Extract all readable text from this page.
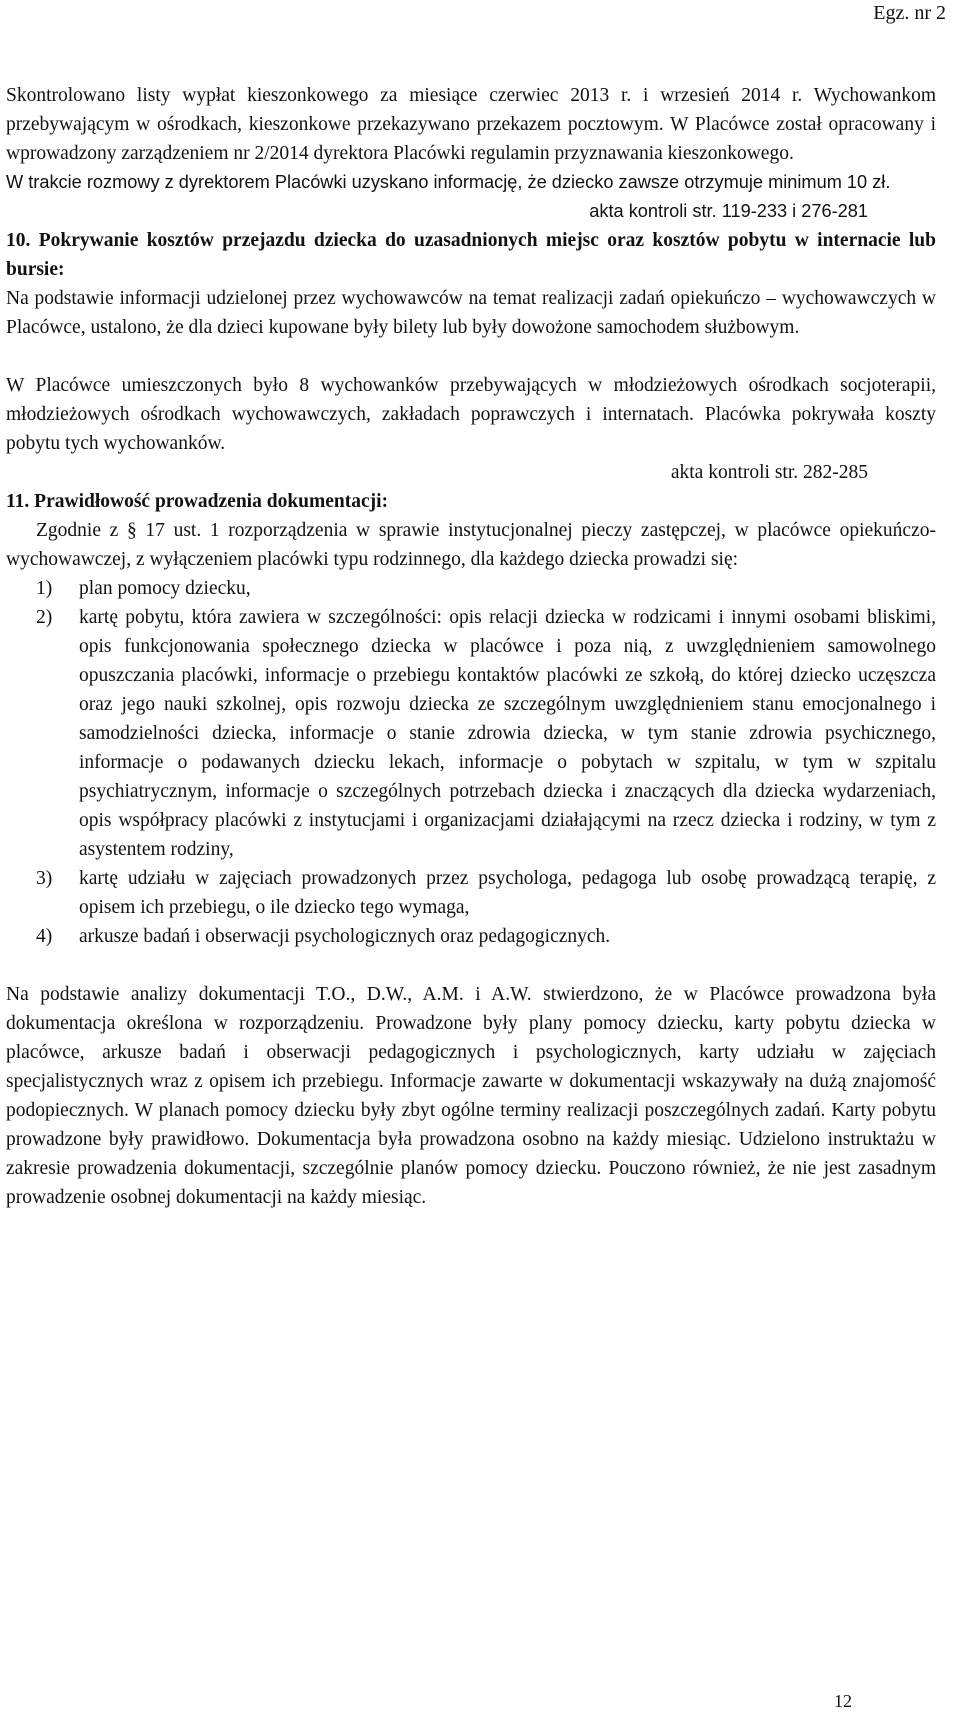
Egz. nr 2

Skontrolowano listy wypłat kieszonkowego za miesiące czerwiec 2013 r. i wrzesień 2014 r. Wychowankom przebywającym w ośrodkach, kieszonkowe przekazywano przekazem pocztowym. W Placówce został opracowany i wprowadzony zarządzeniem nr 2/2014 dyrektora Placówki regulamin przyznawania kieszonkowego.

W trakcie rozmowy z dyrektorem Placówki uzyskano informację, że dziecko zawsze otrzymuje minimum 10 zł.

akta kontroli str. 119-233 i 276-281

10. Pokrywanie kosztów przejazdu dziecka do uzasadnionych miejsc oraz kosztów pobytu w internacie lub bursie:

Na podstawie informacji udzielonej przez wychowawców na temat realizacji zadań opiekuńczo – wychowawczych w Placówce, ustalono, że dla dzieci kupowane były bilety lub były dowożone samochodem służbowym.

W Placówce umieszczonych było 8 wychowanków przebywających w młodzieżowych ośrodkach socjoterapii, młodzieżowych ośrodkach wychowawczych, zakładach poprawczych i internatach. Placówka pokrywała koszty pobytu tych wychowanków.

akta kontroli str. 282-285

11. Prawidłowość prowadzenia dokumentacji:

Zgodnie z § 17 ust. 1 rozporządzenia w sprawie instytucjonalnej pieczy zastępczej, w placówce opiekuńczo-wychowawczej, z wyłączeniem placówki typu rodzinnego, dla każdego dziecka prowadzi się:

1) plan pomocy dziecku,
2) kartę pobytu, która zawiera w szczególności: opis relacji dziecka w rodzicami i innymi osobami bliskimi, opis funkcjonowania społecznego dziecka w placówce i poza nią, z uwzględnieniem samowolnego opuszczania placówki, informacje o przebiegu kontaktów placówki ze szkołą, do której dziecko uczęszcza oraz jego nauki szkolnej, opis rozwoju dziecka ze szczególnym uwzględnieniem stanu emocjonalnego i samodzielności dziecka, informacje o stanie zdrowia dziecka, w tym stanie zdrowia psychicznego, informacje o podawanych dziecku lekach, informacje o pobytach w szpitalu, w tym w szpitalu psychiatrycznym, informacje o szczególnych potrzebach dziecka i znaczących dla dziecka wydarzeniach, opis współpracy placówki z instytucjami i organizacjami działającymi na rzecz dziecka i rodziny, w tym z asystentem rodziny,
3) kartę udziału w zajęciach prowadzonych przez psychologa, pedagoga lub osobę prowadzącą terapię, z opisem ich przebiegu, o ile dziecko tego wymaga,
4) arkusze badań i obserwacji psychologicznych oraz pedagogicznych.

Na podstawie analizy dokumentacji T.O., D.W., A.M. i A.W. stwierdzono, że w Placówce prowadzona była dokumentacja określona w rozporządzeniu. Prowadzone były plany pomocy dziecku, karty pobytu dziecka w placówce, arkusze badań i obserwacji pedagogicznych i psychologicznych, karty udziału w zajęciach specjalistycznych wraz z opisem ich przebiegu. Informacje zawarte w dokumentacji wskazywały na dużą znajomość podopiecznych. W planach pomocy dziecku były zbyt ogólne terminy realizacji poszczególnych zadań. Karty pobytu prowadzone były prawidłowo. Dokumentacja była prowadzona osobno na każdy miesiąc. Udzielono instruktażu w zakresie prowadzenia dokumentacji, szczególnie planów pomocy dziecku. Pouczono również, że nie jest zasadnym prowadzenie osobnej dokumentacji na każdy miesiąc.

12
